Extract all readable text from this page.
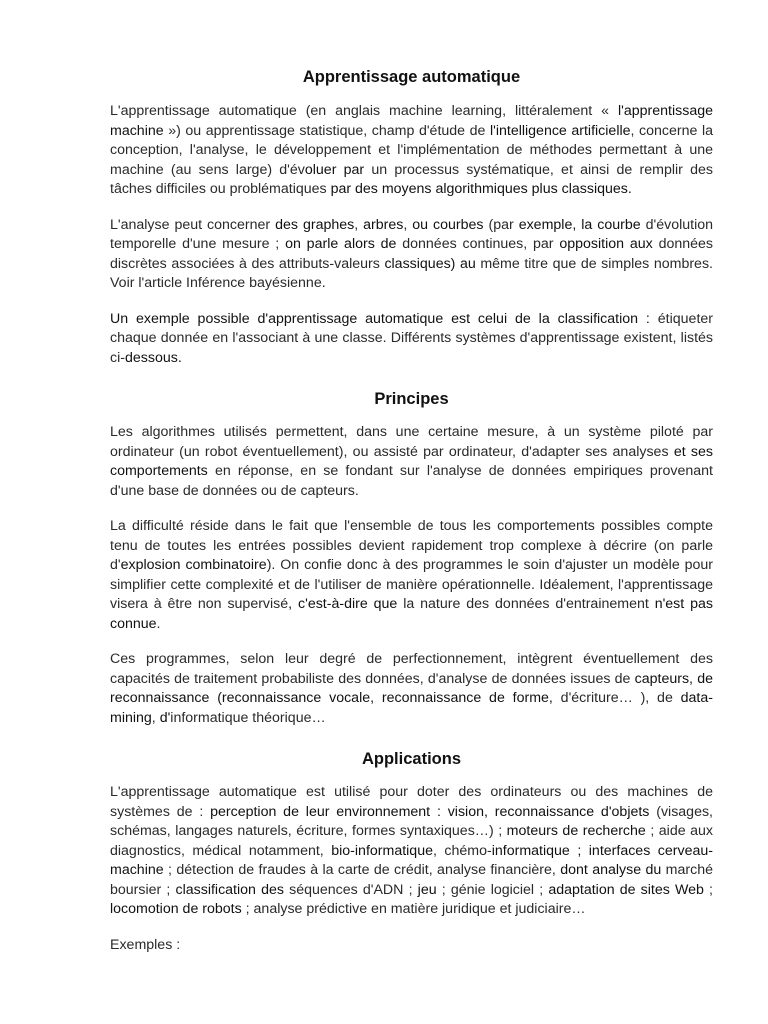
Apprentissage automatique

L'apprentissage automatique (en anglais machine learning, littéralement « l'apprentissage machine ») ou apprentissage statistique, champ d'étude de l'intelligence artificielle, concerne la conception, l'analyse, le développement et l'implémentation de méthodes permettant à une machine (au sens large) d'évoluer par un processus systématique, et ainsi de remplir des tâches difficiles ou problématiques par des moyens algorithmiques plus classiques.

L'analyse peut concerner des graphes, arbres, ou courbes (par exemple, la courbe d'évolution temporelle d'une mesure ; on parle alors de données continues, par opposition aux données discrètes associées à des attributs-valeurs classiques) au même titre que de simples nombres. Voir l'article Inférence bayésienne.

Un exemple possible d'apprentissage automatique est celui de la classification : étiqueter chaque donnée en l'associant à une classe. Différents systèmes d'apprentissage existent, listés ci-dessous.

Principes

Les algorithmes utilisés permettent, dans une certaine mesure, à un système piloté par ordinateur (un robot éventuellement), ou assisté par ordinateur, d'adapter ses analyses et ses comportements en réponse, en se fondant sur l'analyse de données empiriques provenant d'une base de données ou de capteurs.

La difficulté réside dans le fait que l'ensemble de tous les comportements possibles compte tenu de toutes les entrées possibles devient rapidement trop complexe à décrire (on parle d'explosion combinatoire). On confie donc à des programmes le soin d'ajuster un modèle pour simplifier cette complexité et de l'utiliser de manière opérationnelle. Idéalement, l'apprentissage visera à être non supervisé, c'est-à-dire que la nature des données d'entrainement n'est pas connue.

Ces programmes, selon leur degré de perfectionnement, intègrent éventuellement des capacités de traitement probabiliste des données, d'analyse de données issues de capteurs, de reconnaissance (reconnaissance vocale, reconnaissance de forme, d'écriture… ), de data-mining, d'informatique théorique…

Applications

L'apprentissage automatique est utilisé pour doter des ordinateurs ou des machines de systèmes de : perception de leur environnement : vision, reconnaissance d'objets (visages, schémas, langages naturels, écriture, formes syntaxiques…) ; moteurs de recherche ; aide aux diagnostics, médical notamment, bio-informatique, chémo-informatique ; interfaces cerveau-machine ; détection de fraudes à la carte de crédit, analyse financière, dont analyse du marché boursier ; classification des séquences d'ADN ; jeu ; génie logiciel ; adaptation de sites Web ; locomotion de robots ; analyse prédictive en matière juridique et judiciaire…

Exemples :
